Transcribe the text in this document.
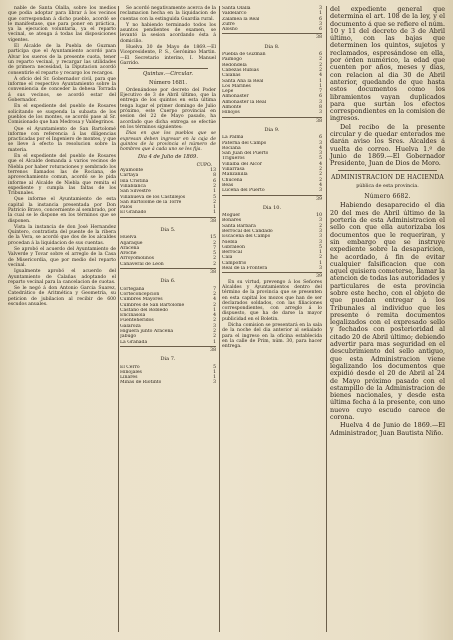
nable de Santa Olalla, sobre los medios que podia adoptar para librar á los vecinos que correspondan á dicho pueblo, acordó se le manifestase, que para poner en práctica, ya la ejecucion voluntaria, ya el reparto vecinal, se ateuga á todas las disposiciones vigentes.

El Alcalde de la Puebla de Guzman participa que el Ayuntamiento acordó para Alvar los sueros de la presente cuota, tener un reparto vecinal, y recargar las utilidades de primera necesidad, la Diputacion acordó consentirle el reparto y recargo los recargos.

Á oficio del Sr. Gobernador civil, para que informe el respectivo Ayuntamiento sobre la conveniencia de conceder la dehesa Torrada á sus vecinos, se acordó estar del Gobernador.

En el expediente del pueblo de Rosares solicitando se suspenda la subasta de los pueblos de los montes, se acordó pase al Sr. Comisionado que han Medrosa y Valdegrinos.

Que el Ayuntamiento de San Bartolomé informe con referencia á las diligencias practicadas por el Ingeniero de montes, y que se lleve á efecto la resolucion sobre la materia.

En el expediente del pueblo de Rosares que el Alcalde demanda á varios vecinos de Niebla por haber roturaciones y sembrado los terrenos llamados las de Rociana, de aprovechamiento comun, acordó se le pida informe al Alcalde de Niebla que remita el expediente y cumpla las faltas de los Tribunales.

Que informe el Ayuntamiento de esta capital la instancia presentada por Don Patricio Bravo, concerniente al sembrado, por la cual se le dispone en los términos que se disponen.

Vista la instancia de don José Hernandez Quintero, contratista del puente de la ribera de la Vera, se acordó que dos de los alcaldes procedan á la liquidacion de sus cuentas.

Se aprobó el acuerdo del Ayuntamiento de Valverde y Tovar sobre el arreglo de la Casa de Misericordia, que por medio del reparto vecinal.

Igualmente aprobó el acuerdo del Ayuntamiento de Calañas adoptando el reparto vecinal para la cancelacion de cuotas.

Se le negó á don Antonio Garcia Suarez, Catedrático de Aritmética y Geometría, su peticion de jubilacion al recibir de 600 escudos anuales.

Se acordó negativamente acerca de la reclamacion hecha en la liquidacion de cuentas con la estinguida Guardia rural.

Y no habiendo terminado todos los asuntos pendientes de examen, se levantó la sesion acordando ésta á domicilio.

Huelva 30 de Mayo de 1869.—El Vicepresidente, P. S., Gerónimo Martin.—El Secretario interino, I. Manuel Garrido.

Quintas.—Circular.
Número 1681.

Ordenándose por decreto del Poder Ejecutivo de 3 de Abril último, que la entrega de los quintos en esta última tenga lugar el primer domingo de Julio próximo, este Cuerpo provincial en sesion del 22 de Mayo pasado, ha acordado que dicha entrega se efectúe en los términos siguientes:

Dias en que los pueblos que se expresan deben ingresar en la caja de quintos de la provincia el número de hombres que á cada uno se les fija.

Dia 4 de Julio de 1869.
CUPO.
Ayamonte	13
Cartaya	8
Isla Cristina	6
Villablanca	2
San Silvestre	1
Villanueva de los Castillejos	5
San Bartolomé de la Torre	2
Palos	1
El Granado	1
38
Dia 5.
Huelva	15
Aljaraque	2
Aracena	7
Aroche	5
Arroyomolinos	2
Cañaveral de Leon	2
38
Dia 6.
Cortegana	7
Corteconcepcion	2
Cumbres Mayores	4
Cumbres de San Bartolomé	2
Castaño del Robledo	1
Encinasola	4
Fuenteheridos	2
Galaroza	3
Higuera junto Aracena	2
Jabugo	2
La Granada	1
38
Dia 7.
El Cerro	5
Hinojales	1
Linares	1
Minas de Riotinto	3
Santa Olalla	3
Valdelarco	1
Zalamea la Real	6
Zufre	3
Alosno	6
38
Dia 8.
Puebla de Guzman	6
Paimogo	2
Redondela	2
Cabezas Rubias	2
Calañas	4
Santa Ana la Real	1
Los Marines	1
Lepe	7
Almonaster	6
Almonaster la Real	3
Almonte	8
Hinojos	3
38
Dia 9.
La Palma	6
Paterna del Campo	3
Rociana	4
San Juan del Puerto	3
Trigueros	5
Villalba del Alcor	4
Villarrasa	2
Manzanilla	2
Chucena	2
Beas	4
Lucena del Puerto	3
39
Dia 10.
Moguer	10
Bonares	3
Santa Bárbara	2
Berrocal del Candado	3
Escacena del Campo	3
Niebla	3
Gibraleon	5
Berrocal	1
Cala	2
Campofrío	1
Real de la Frontera	3
39

En su virtud, prevengo á los Señores Alcaldes y Ayuntamientos dentro del término de la provincia que se presenten en esta capital los mozos que han de ser declarados soldados, con las filiaciones correspondientes, con arreglo á lo dispuesto, que ha de darse la mayor publicidad en el Boletin.

Dicha comision se presentará en la sala de la noche del dia anterior al señalado para el ingreso en la oficina establecida en la calle de Prim, núm. 30, para hacer entrega.

del expediente general que determina el art. 108 de la ley, y el documento á que se refiere el núm. 10 y 11 del decreto de 3 de Abril último, con las bajas que determinen los quintos, sujetos y reclamados, espresándose en ella, por órden numérico, la edad que cuenten por años, meses y dias, con relacion al dia 30 de Abril anterior, quedando de que hasta estos documentos como los libramientos vayan duplicados para que surtan los efectos correspondientes en la comision de ingresos.

Del recibo de la presente circular y de quedar enterados me darán aviso los Sres. Alcaldes á vuelta de correo. Huelva 1.º de Junio de 1869.—El Gobernador Presidente, Juan de Dios de Moro.

ADMINISTRACION DE HACIENDA
pública de esta provincia.
Número 6682.

Habiendo desaparecido el dia 20 del mes de Abril último de la portería de esta Administracion el sello con que ella autorizaba los documentos que le requeriran, y sin embargo que se instruye expediente sobre la desaparicion, he acordado, á fin de evitar cualquier falsificacion que con aquel quisiera cometerse, llamar la atencion de todas las autoridades y particulares de esta provincia sobre este hecho, con el objeto de que puedan entregar á los Tribunales al individuo que les presente ó remita documentos legalizados con el expresado sello y fechados con posterioridad al citado 20 de Abril último; debiendo advertir para mas seguridad en el descubrimiento del sello antiguo, que esta Administracion viene legalizando los documentos que expidió desde el 20 de Abril al 24 de Mayo próximo pasado con el estampillo de la Administracion de bienes nacionales, y desde esta última fecha á la presente, con uno nuevo cuyo escudo carece de corona.

Huelva 4 de Junio de 1869.—El Administrador, Juan Bautista Niño.
